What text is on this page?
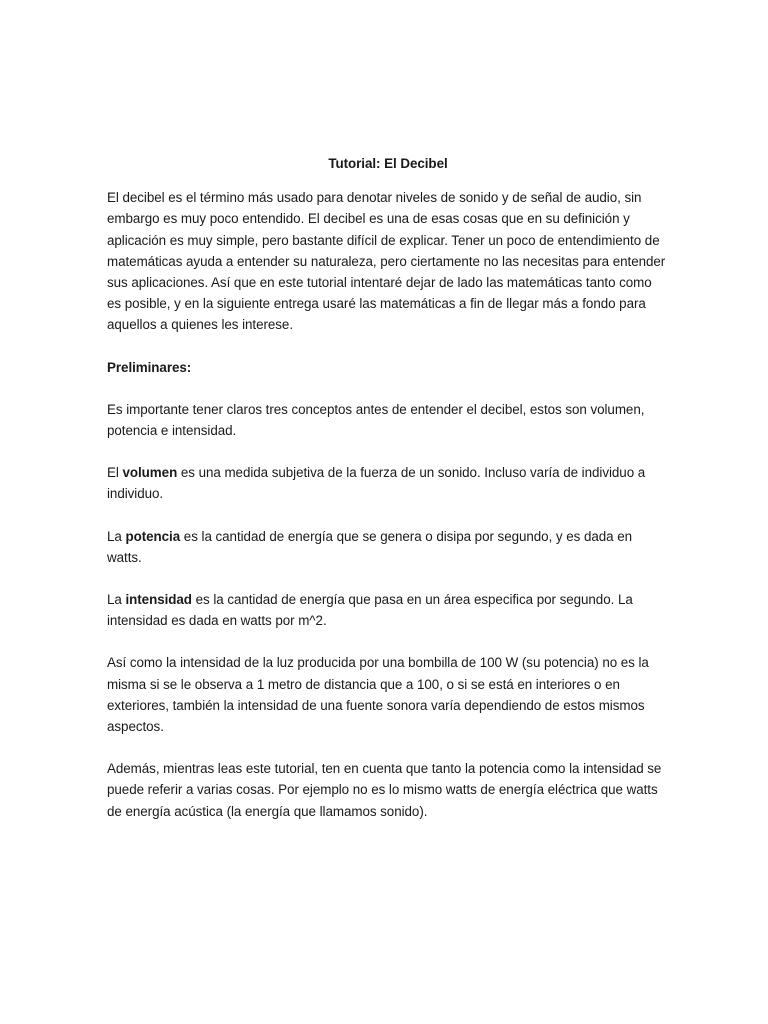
Tutorial: El Decibel

El decibel es el término más usado para denotar niveles de sonido y de señal de audio, sin embargo es muy poco entendido. El decibel es una de esas cosas que en su definición y aplicación es muy simple, pero bastante difícil de explicar. Tener un poco de entendimiento de matemáticas ayuda a entender su naturaleza, pero ciertamente no las necesitas para entender sus aplicaciones. Así que en este tutorial intentaré dejar de lado las matemáticas tanto como es posible, y en la siguiente entrega usaré las matemáticas a fin de llegar más a fondo para aquellos a quienes les interese.

Preliminares:

Es importante tener claros tres conceptos antes de entender el decibel, estos son volumen, potencia e intensidad.

El volumen es una medida subjetiva de la fuerza de un sonido. Incluso varía de individuo a individuo.

La potencia es la cantidad de energía que se genera o disipa por segundo, y es dada en watts.

La intensidad es la cantidad de energía que pasa en un área especifica por segundo. La intensidad es dada en watts por m^2.

Así como la intensidad de la luz producida por una bombilla de 100 W (su potencia) no es la misma si se le observa a 1 metro de distancia que a 100, o si se está en interiores o en exteriores, también la intensidad de una fuente sonora varía dependiendo de estos mismos aspectos.

Además, mientras leas este tutorial, ten en cuenta que tanto la potencia como la intensidad se puede referir a varias cosas. Por ejemplo no es lo mismo watts de energía eléctrica que watts de energía acústica (la energía que llamamos sonido).
